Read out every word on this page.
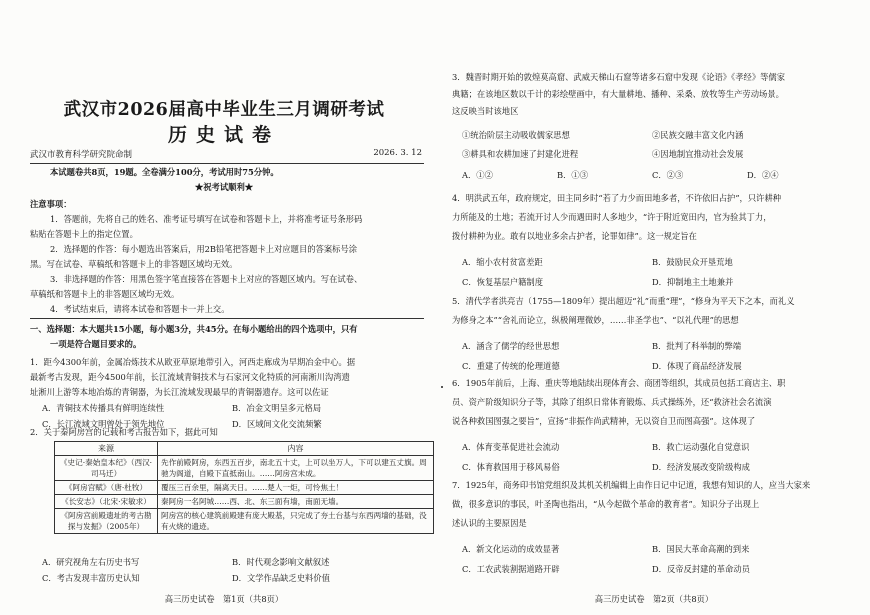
武汉市2026届高中毕业生三月调研考试
历史试卷
武汉市教育科学研究院命制	2026. 3. 12
本试题卷共8页，19题。全卷满分100分，考试用时75分钟。
★祝考试顺利★
注意事项：
1．答题前，先将自己的姓名、准考证号填写在试卷和答题卡上，并将准考证号条形码
粘贴在答题卡上的指定位置。
2．选择题的作答：每小题选出答案后，用2B铅笔把答题卡上对应题目的答案标号涂
黑。写在试卷、草稿纸和答题卡上的非答题区域均无效。
3．非选择题的作答：用黑色签字笔直接答在答题卡上对应的答题区域内。写在试卷、
草稿纸和答题卡上的非答题区域均无效。
4．考试结束后，请将本试卷和答题卡一并上交。
一、选择题：本大题共15小题，每小题3分，共45分。在每小题给出的四个选项中，只有
一项是符合题目要求的。
1．距今4300年前，金属冶炼技术从欧亚草原地带引入，河西走廊成为早期冶金中心。据
最新考古发现，距今4500年前，长江流域青铜技术与石家河文化特质的河南淅川沟湾遗
址淅川上游等本地冶炼的青铜器，为长江流域发现最早的青铜器遗存。这可以佐证
A．青铜技术传播具有鲜明连续性	B．冶金文明呈多元格局
C．长江流域文明曾处于领先地位	D．区域间文化交流频繁
2．关于秦阿房宫的记载和考古报告如下，据此可知
来源	内容
《史记·秦始皇本纪》（西汉·司马迁）	先作前殿阿房，东西五百步，南北五十丈，上可以坐万人，下可以建五丈旗。周驰为阁道，自殿下直抵南山。……阿房宫未成。
《阿房宫赋》（唐·杜牧）	覆压三百余里，隔离天日。……楚人一炬，可怜焦土！
《长安志》（北宋·宋敏求）	秦阿房一名阿城……西、北、东三面有墙，南面无墙。
《阿房宫前殿遗址的考古勘探与发掘》（2005年）	阿房宫的核心建筑前殿建有庞大殿基，只完成了夯土台基与东西两墙的基础，没有火烧的遗迹。
A．研究视角左右历史书写	B．时代观念影响文献叙述
C．考古发现丰富历史认知	D．文学作品缺乏史料价值
高三历史试卷　第1页（共8页）
3．魏晋时期开始的敦煌莫高窟、武威天梯山石窟等诸多石窟中发现《论语》《孝经》等儒家
典籍；在该地区数以千计的彩绘壁画中，有大量耕地、播种、采桑、放牧等生产劳动场景。
这反映当时该地区
①统治阶层主动吸收儒家思想	②民族交融丰富文化内涵
③耕具和农耕加速了封建化进程	④因地制宜推动社会发展
A．①②	B．①③	C．②③	D．②④
4．明洪武五年，政府规定，田主同乡时“若了力少而田地多者，不许依旧占护”，只许耕种
力所能及的土地；若流开讨人少而遇田时人多地少，“许于附近宽田内，官为验其丁力，
拨付耕种为业。敢有以地业多余占护者，论罪如律”。这一规定旨在
A．缩小农村贫富差距	B．鼓励民众开垦荒地
C．恢复基层户籍制度	D．抑制地主土地兼并
5．清代学者洪亮吉（1755—1809年）提出超迈“礼”而重“理”，“修身为平天下之本，而礼义
为修身之本”“舍礼而论立，纵极阐理微妙，……非圣学也”、“以礼代理”的思想
A．涵含了儒学的经世思想	B．批判了科举制的弊端
C．重建了传统的伦理道德	D．体现了商品经济发展
6．1905年前后，上海、重庆等地陆续出现体育会、商团等组织，其成员包括工商店主、职
员、资产阶级知识分子等，其除了组织日常体育锻炼、兵式操练外，还“救济社会名流演
说各种救国图强之要旨”，宣扬“非振作尚武精神，无以资自卫而图高强”。这体现了
A．体育变革促进社会流动	B．救亡运动强化自觉意识
C．体育救国用于移风易俗	D．经济发展改变阶级构成
7．1925年，商务印书馆党组织及其机关机编辑上由作日记中记道，我想有知识的人，应当大家来
做，很多意识的事民，叶圣陶也指出，“从今起做个革命的教育者”。知识分子出现上
述认识的主要原因是
A．新文化运动的成效显著	B．国民大革命高潮的到来
C．工农武装割据道路开辟	D．反帝反封建的革命动员
高三历史试卷　第2页（共8页）
